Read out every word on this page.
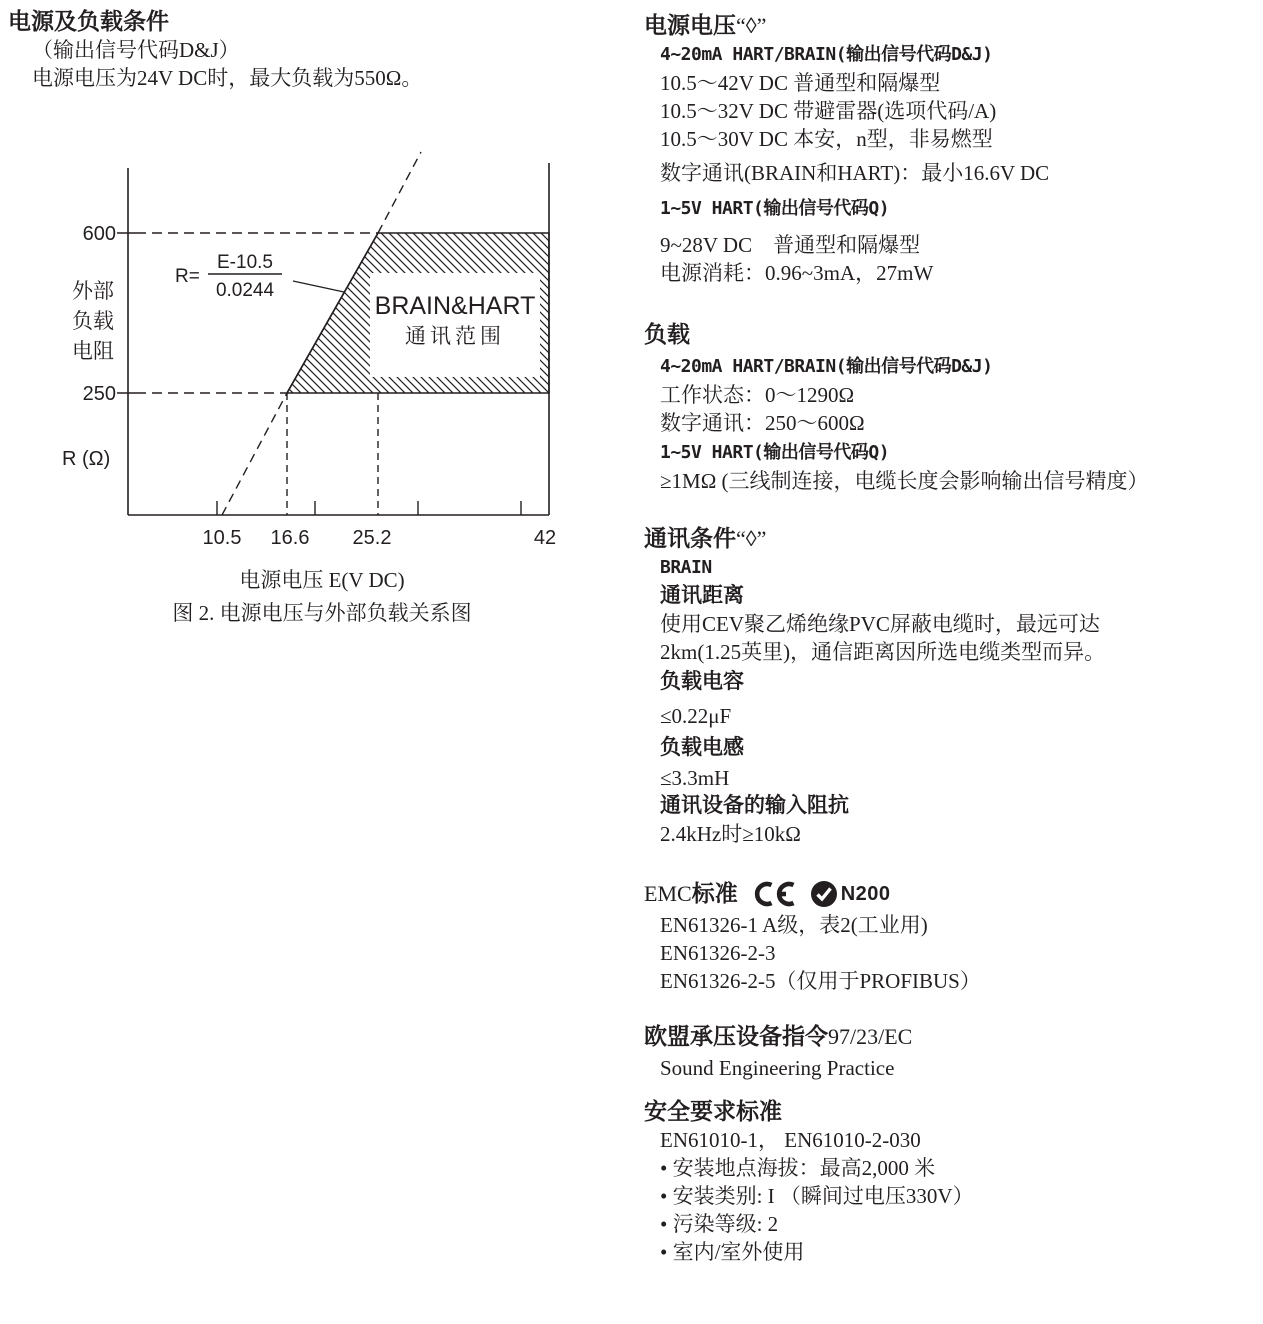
电源及负载条件
（输出信号代码D&J）
电源电压为24V DC时，最大负载为550Ω。
BRAIN&HART
通讯范围
R=
E-10.5
0.0244
600
250
外部
负载
电阻
R (Ω)
10.5 16.6 25.2	42
电源电压 E(V DC)
图 2. 电源电压与外部负载关系图
电源电压“◊”
4~20mA HART/BRAIN(输出信号代码D&J)
10.5～42V DC 普通型和隔爆型
10.5～32V DC 带避雷器(选项代码/A)
10.5～30V DC 本安，n型，非易燃型
数字通讯(BRAIN和HART)：最小16.6V DC
1~5V HART(输出信号代码Q)
9~28V DC　普通型和隔爆型
电源消耗：0.96~3mA，27mW
负载
4~20mA HART/BRAIN(输出信号代码D&J)
工作状态：0～1290Ω
数字通讯：250～600Ω
1~5V HART(输出信号代码Q)
≥1MΩ (三线制连接，电缆长度会影响输出信号精度）
通讯条件“◊”
BRAIN
通讯距离
使用CEV聚乙烯绝缘PVC屏蔽电缆时，最远可达
2km(1.25英里)，通信距离因所选电缆类型而异。
负载电容
≤0.22μF
负载电感
≤3.3mH
通讯设备的输入阻抗
2.4kHz时≥10kΩ
EMC标准	N200
EN61326-1 A级，表2(工业用)
EN61326-2-3
EN61326-2-5（仅用于PROFIBUS）
欧盟承压设备指令97/23/EC
Sound Engineering Practice
安全要求标准
EN61010-1， EN61010-2-030
• 安装地点海拔：最高2,000 米
• 安装类别: I （瞬间过电压330V）
• 污染等级: 2
• 室内/室外使用
